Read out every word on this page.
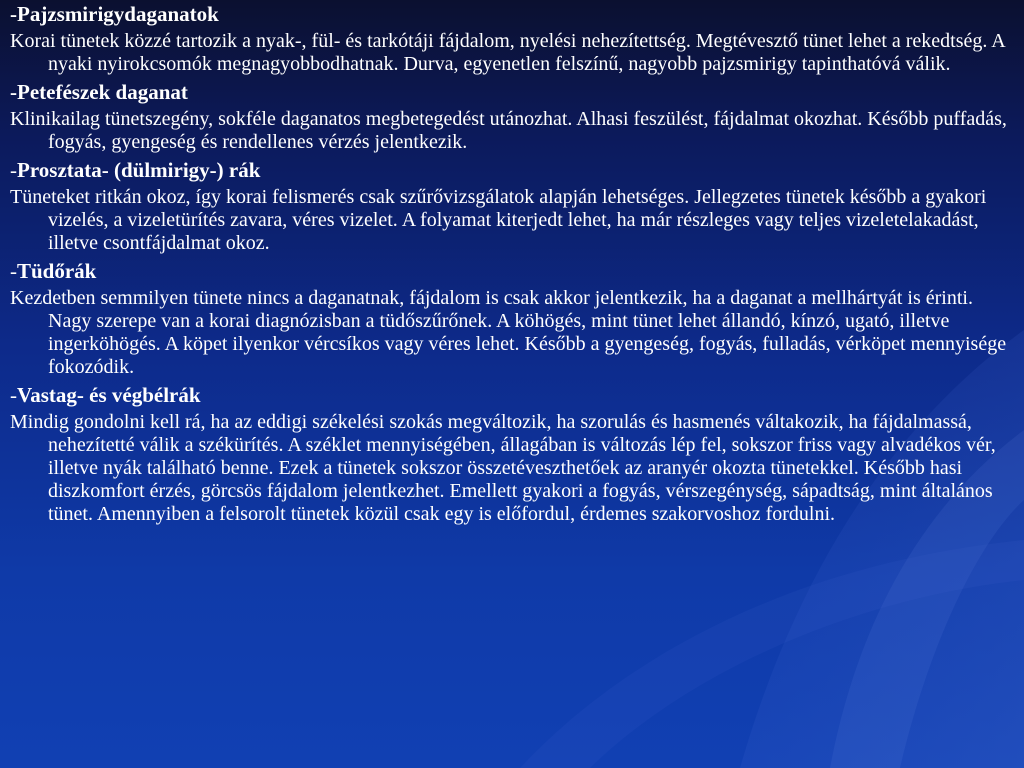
-Pajzsmirigydaganatok
Korai tünetek közzé tartozik a nyak-, fül- és tarkótáji fájdalom, nyelési nehezítettség. Megtévesztő tünet lehet a rekedtség. A nyaki nyirokcsomók megnagyobbodhatnak. Durva, egyenetlen felszínű, nagyobb pajzsmirigy tapinthatóvá válik.
-Petefészek daganat
Klinikailag tünetszegény, sokféle daganatos megbetegedést utánozhat. Alhasi feszülést, fájdalmat okozhat. Később puffadás, fogyás, gyengeség és rendellenes vérzés jelentkezik.
-Prosztata- (dülmirigy-) rák
Tüneteket ritkán okoz, így korai felismerés csak szűrővizsgálatok alapján lehetséges. Jellegzetes tünetek később a gyakori vizelés, a vizeletürítés zavara, véres vizelet. A folyamat kiterjedt lehet, ha már részleges vagy teljes vizeletelakadást, illetve csontfájdalmat okoz.
-Tüdőrák
Kezdetben semmilyen tünete nincs a daganatnak, fájdalom is csak akkor jelentkezik, ha a daganat a mellhártyát is érinti. Nagy szerepe van a korai diagnózisban a tüdőszűrőnek. A köhögés, mint tünet lehet állandó, kínzó, ugató, illetve ingerköhögés. A köpet ilyenkor vércsíkos vagy véres lehet. Később a gyengeség, fogyás, fulladás, vérköpet mennyisége fokozódik.
-Vastag- és végbélrák
Mindig gondolni kell rá, ha az eddigi székelési szokás megváltozik, ha szorulás és hasmenés váltakozik, ha fájdalmassá, nehezítetté válik a székürítés. A széklet mennyiségében, állagában is változás lép fel, sokszor friss vagy alvadékos vér, illetve nyák található benne. Ezek a tünetek sokszor összetéveszthetőek az aranyér okozta tünetekkel. Később hasi diszkomfort érzés, görcsös fájdalom jelentkezhet. Emellett gyakori a fogyás, vérszegénység, sápadtság, mint általános tünet. Amennyiben a felsorolt tünetek közül csak egy is előfordul, érdemes szakorvoshoz fordulni.
